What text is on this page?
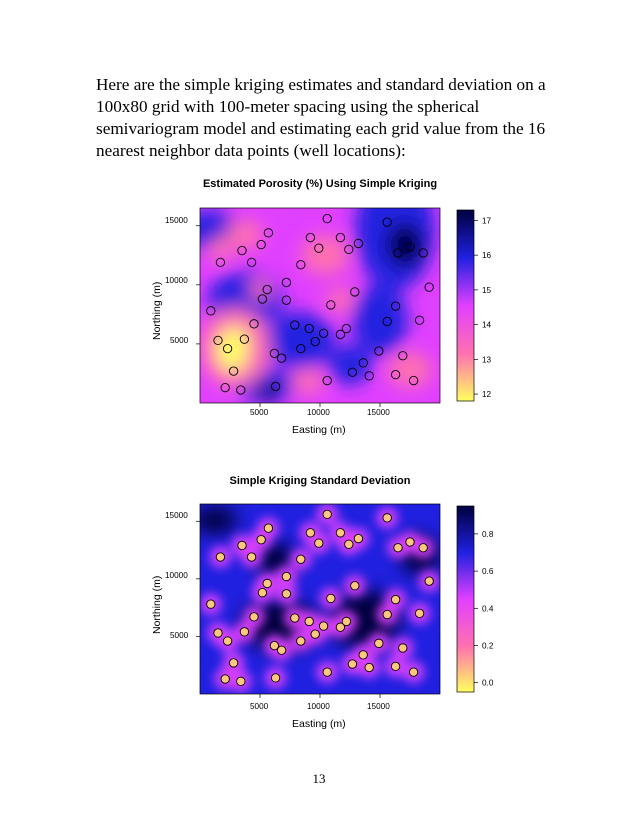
Here are the simple kriging estimates and standard deviation on a 100x80 grid with 100-meter spacing using the spherical semivariogram model and estimating each grid value from the 16 nearest neighbor data points (well locations):
Estimated Porosity (%) Using Simple Kriging
15000
10000
5000
5000	10000	15000
Easting (m)
Northing (m)
Simple Kriging Standard Deviation
15000
10000
5000
5000	10000	15000
Easting (m)
Northing (m)
12
13
14
15
16
17
0.0
0.2
0.4
0.6
0.8
13
